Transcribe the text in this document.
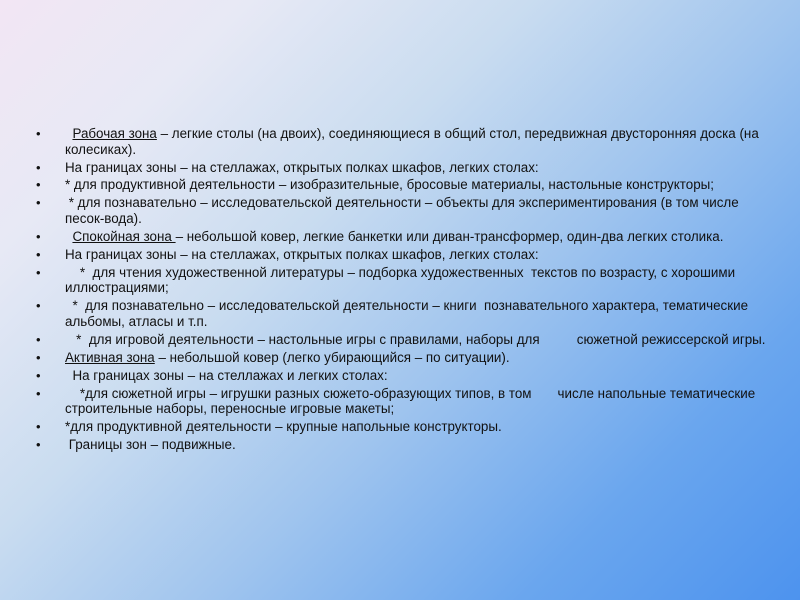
• Рабочая зона – легкие столы (на двоих), соединяющиеся в общий стол, передвижная двусторонняя доска (на колесиках).
• На границах зоны – на стеллажах, открытых полках шкафов, легких столах:
• * для продуктивной деятельности – изобразительные, бросовые материалы, настольные конструкторы;
• * для познавательно – исследовательской деятельности – объекты для экспериментирования (в том числе песок-вода).
• Спокойная зона – небольшой ковер, легкие банкетки или диван-трансформер, один-два легких столика.
• На границах зоны – на стеллажах, открытых полках шкафов, легких столах:
• *  для чтения художественной литературы – подборка художественных  текстов по возрасту, с хорошими иллюстрациями;
• *  для познавательно – исследовательской деятельности – книги  познавательного характера, тематические альбомы, атласы и т.п.
• *  для игровой деятельности – настольные игры с правилами, наборы для          сюжетной режиссерской игры.
• Активная зона – небольшой ковер (легко убирающийся – по ситуации).
• На границах зоны – на стеллажах и легких столах:
• *для сюжетной игры – игрушки разных сюжето-образующих типов, в том       числе напольные тематические строительные наборы, переносные игровые макеты;
• *для продуктивной деятельности – крупные напольные конструкторы.
• Границы зон – подвижные.
